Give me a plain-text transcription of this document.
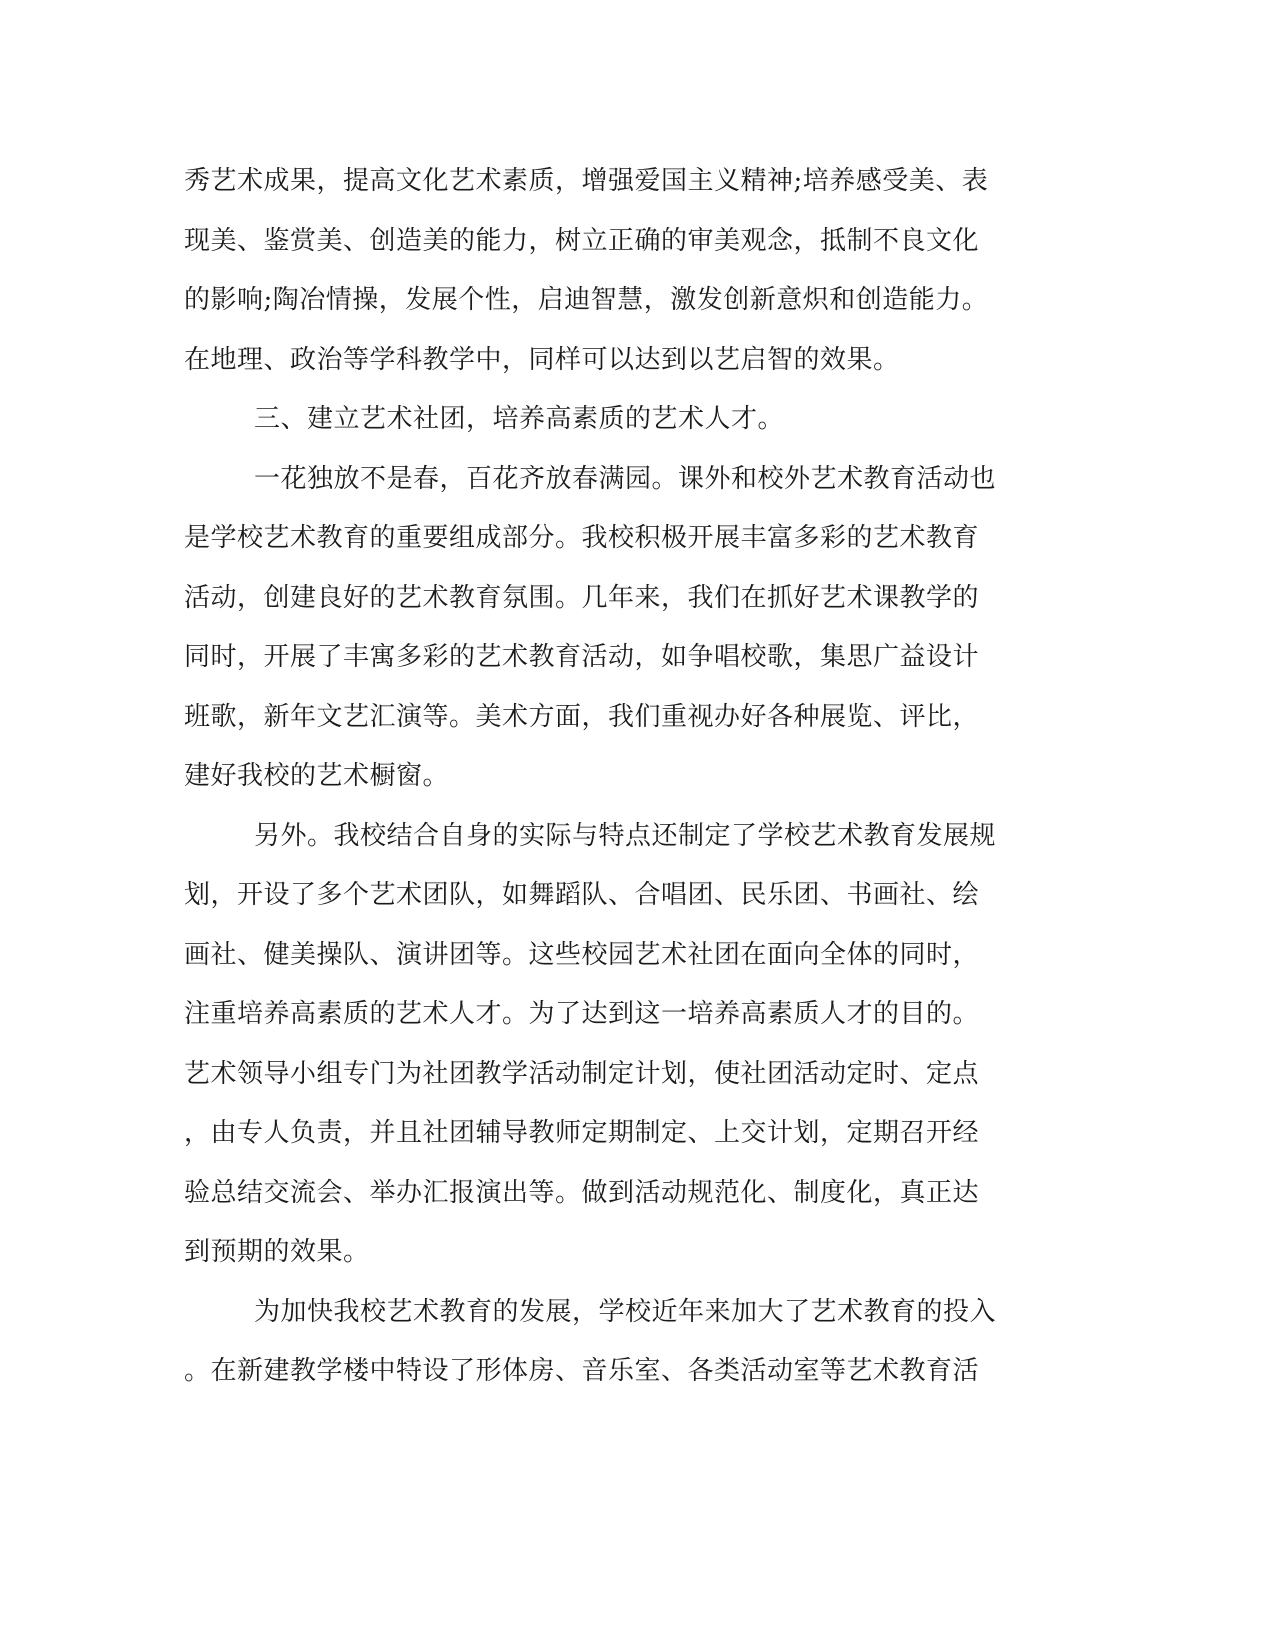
秀艺术成果，提高文化艺术素质，增强爱国主义精神;培养感受美、表
现美、鉴赏美、创造美的能力，树立正确的审美观念，抵制不良文化
的影响;陶冶情操，发展个性，启迪智慧，激发创新意炽和创造能力。
在地理、政治等学科教学中，同样可以达到以艺启智的效果。
三、建立艺术社团，培养高素质的艺术人才。
一花独放不是春，百花齐放春满园。课外和校外艺术教育活动也
是学校艺术教育的重要组成部分。我校积极开展丰富多彩的艺术教育
活动，创建良好的艺术教育氛围。几年来，我们在抓好艺术课教学的
同时，开展了丰寓多彩的艺术教育活动，如争唱校歌，集思广益设计
班歌，新年文艺汇演等。美术方面，我们重视办好各种展览、评比，
建好我校的艺术橱窗。
另外。我校结合自身的实际与特点还制定了学校艺术教育发展规
划，开设了多个艺术团队，如舞蹈队、合唱团、民乐团、书画社、绘
画社、健美操队、演讲团等。这些校园艺术社团在面向全体的同时，
注重培养高素质的艺术人才。为了达到这一培养高素质人才的目的。
艺术领导小组专门为社团教学活动制定计划，使社团活动定时、定点
，由专人负责，并且社团辅导教师定期制定、上交计划，定期召开经
验总结交流会、举办汇报演出等。做到活动规范化、制度化，真正达
到预期的效果。
为加快我校艺术教育的发展，学校近年来加大了艺术教育的投入
。在新建教学楼中特设了形体房、音乐室、各类活动室等艺术教育活
